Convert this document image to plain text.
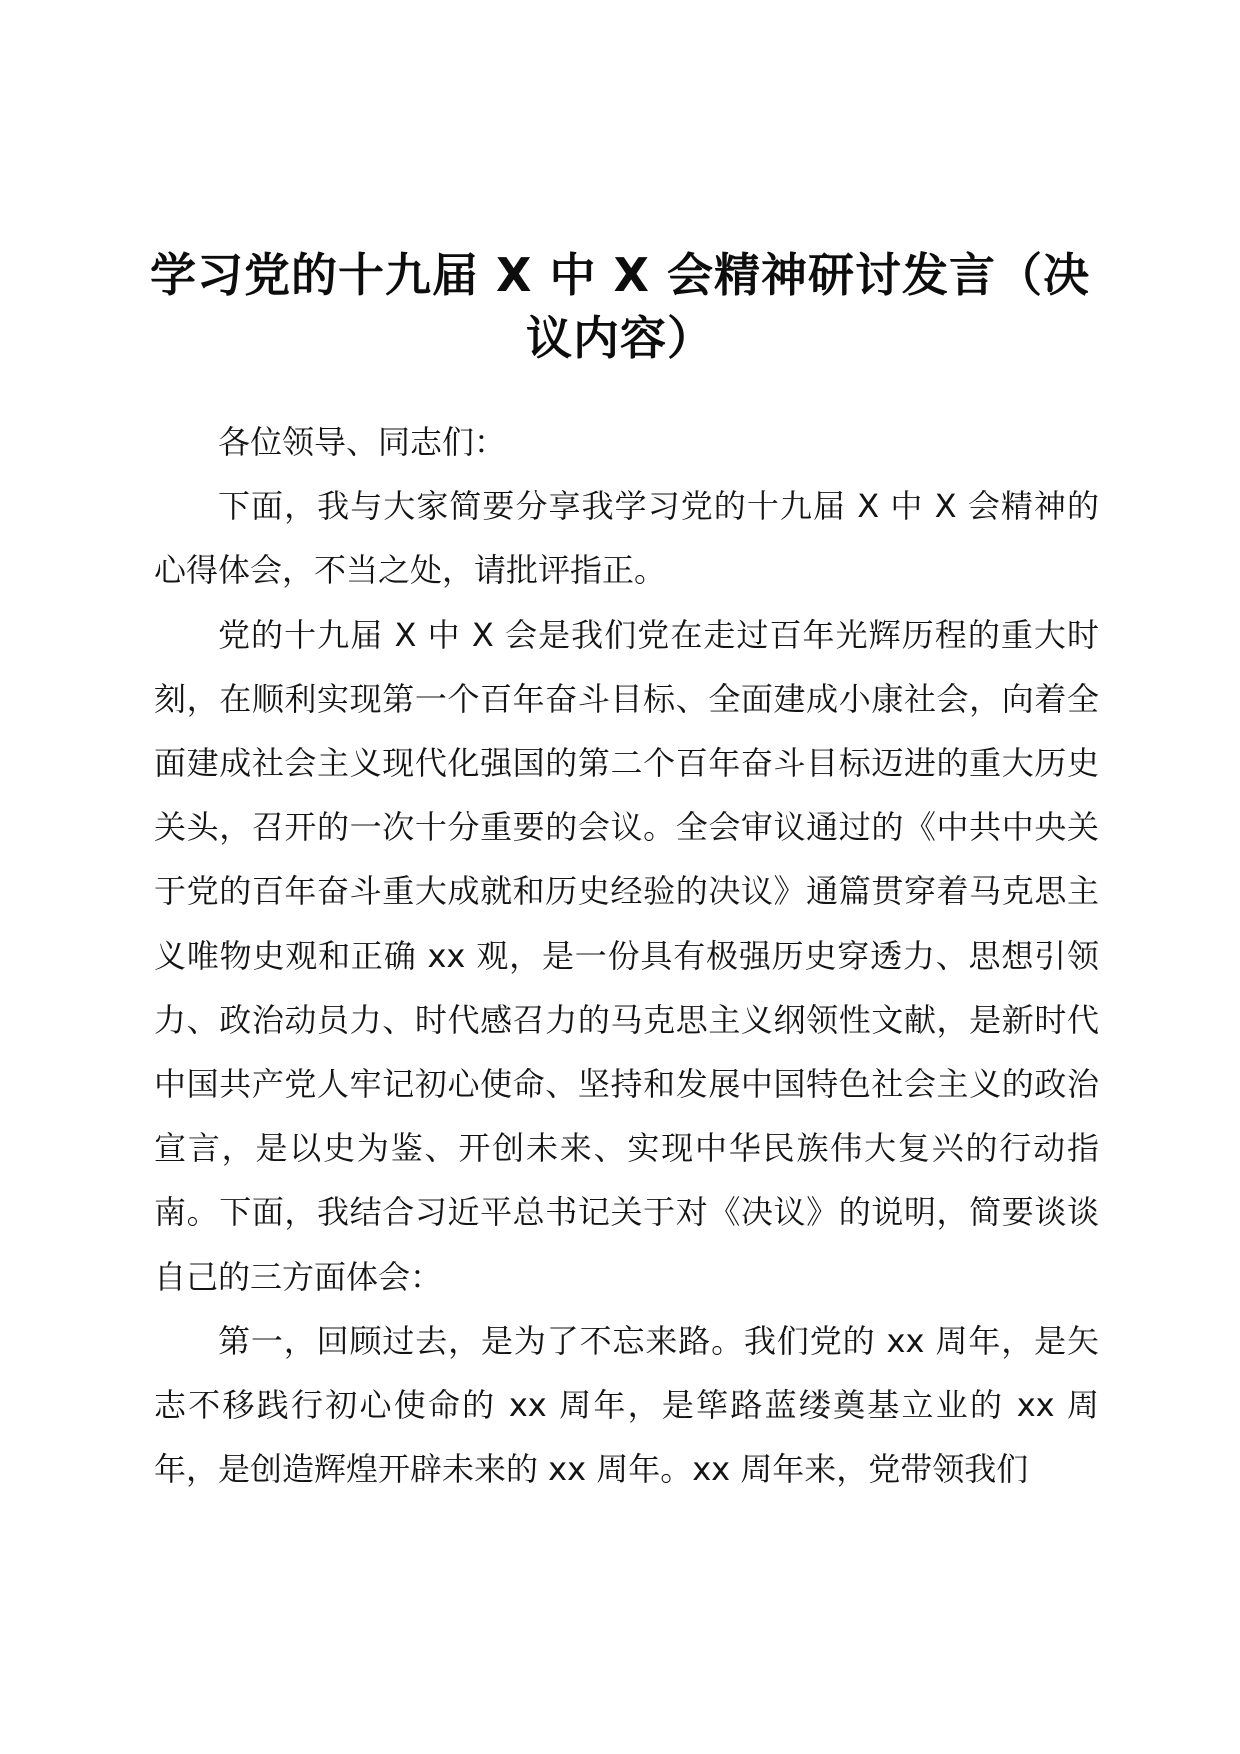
学习党的十九届 X 中 X 会精神研讨发言（决议内容）

各位领导、同志们：

下面，我与大家简要分享我学习党的十九届 X 中 X 会精神的心得体会，不当之处，请批评指正。

党的十九届 X 中 X 会是我们党在走过百年光辉历程的重大时刻，在顺利实现第一个百年奋斗目标、全面建成小康社会，向着全面建成社会主义现代化强国的第二个百年奋斗目标迈进的重大历史关头，召开的一次十分重要的会议。全会审议通过的《中共中央关于党的百年奋斗重大成就和历史经验的决议》通篇贯穿着马克思主义唯物史观和正确 xx 观，是一份具有极强历史穿透力、思想引领力、政治动员力、时代感召力的马克思主义纲领性文献，是新时代中国共产党人牢记初心使命、坚持和发展中国特色社会主义的政治宣言，是以史为鉴、开创未来、实现中华民族伟大复兴的行动指南。下面，我结合习近平总书记关于对《决议》的说明，简要谈谈自己的三方面体会：

第一，回顾过去，是为了不忘来路。我们党的 xx 周年，是矢志不移践行初心使命的 xx 周年，是筚路蓝缕奠基立业的 xx 周年，是创造辉煌开辟未来的 xx 周年。xx 周年来，党带领我们
